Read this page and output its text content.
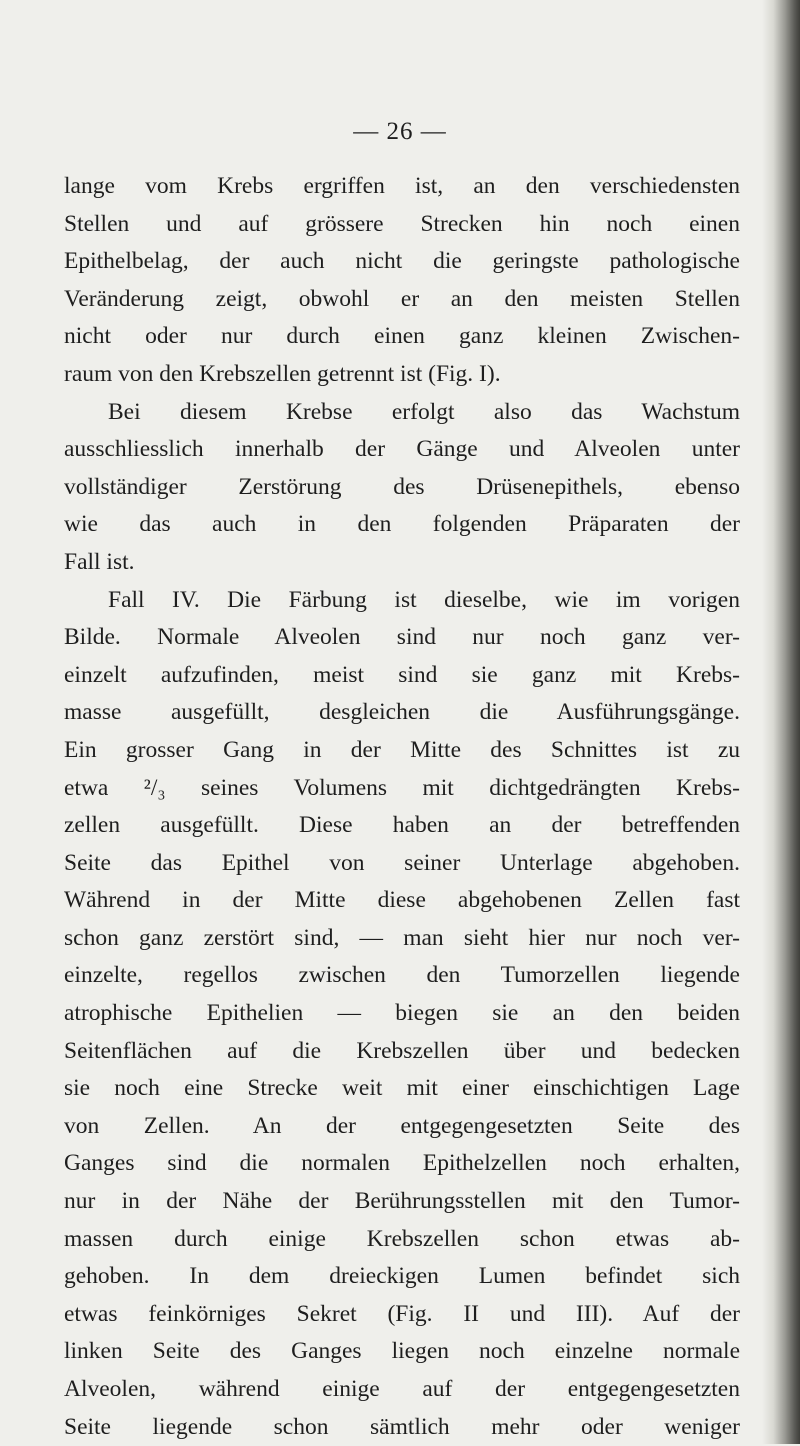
— 26 —
lange vom Krebs ergriffen ist, an den verschiedensten
Stellen und auf grössere Strecken hin noch einen
Epithelbelag, der auch nicht die geringste pathologische
Veränderung zeigt, obwohl er an den meisten Stellen
nicht oder nur durch einen ganz kleinen Zwischen-
raum von den Krebszellen getrennt ist (Fig. I).
Bei diesem Krebse erfolgt also das Wachstum
ausschliesslich innerhalb der Gänge und Alveolen unter
vollständiger Zerstörung des Drüsenepithels, ebenso
wie das auch in den folgenden Präparaten der
Fall ist.
Fall IV. Die Färbung ist dieselbe, wie im vorigen
Bilde. Normale Alveolen sind nur noch ganz ver-
einzelt aufzufinden, meist sind sie ganz mit Krebs-
masse ausgefüllt, desgleichen die Ausführungsgänge.
Ein grosser Gang in der Mitte des Schnittes ist zu
etwa ²/₃ seines Volumens mit dichtgedrängten Krebs-
zellen ausgefüllt. Diese haben an der betreffenden
Seite das Epithel von seiner Unterlage abgehoben.
Während in der Mitte diese abgehobenen Zellen fast
schon ganz zerstört sind, — man sieht hier nur noch ver-
einzelte, regellos zwischen den Tumorzellen liegende
atrophische Epithelien — biegen sie an den beiden
Seitenflächen auf die Krebszellen über und bedecken
sie noch eine Strecke weit mit einer einschichtigen Lage
von Zellen. An der entgegengesetzten Seite des
Ganges sind die normalen Epithelzellen noch erhalten,
nur in der Nähe der Berührungsstellen mit den Tumor-
massen durch einige Krebszellen schon etwas ab-
gehoben. In dem dreieckigen Lumen befindet sich
etwas feinkörniges Sekret (Fig. II und III). Auf der
linken Seite des Ganges liegen noch einzelne normale
Alveolen, während einige auf der entgegengesetzten
Seite liegende schon sämtlich mehr oder weniger
